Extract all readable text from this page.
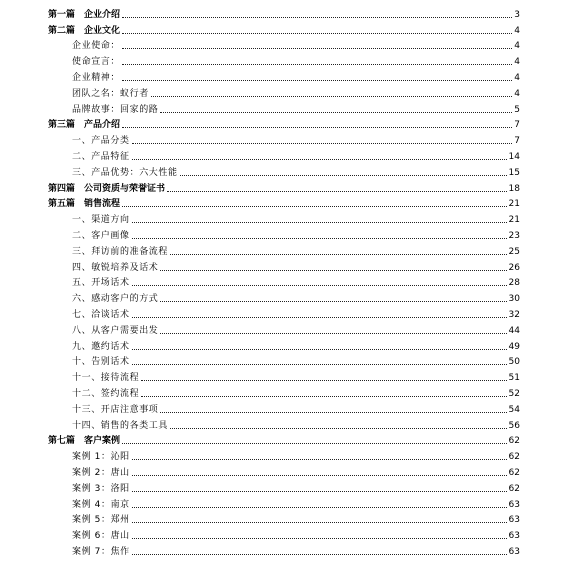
第一篇　企业介绍	3
第二篇　企业文化	4
企业使命：	4
使命宣言：	4
企业精神：	4
团队之名：蚁行者	4
品牌故事：回家的路	5
第三篇　产品介绍	7
一、产品分类	7
二、产品特征	14
三、产品优势：六大性能	15
第四篇　公司资质与荣誉证书	18
第五篇　销售流程	21
一、渠道方向	21
二、客户画像	23
三、拜访前的准备流程	25
四、敏锐培养及话术	26
五、开场话术	28
六、感动客户的方式	30
七、洽谈话术	32
八、从客户需要出发	44
九、邀约话术	49
十、告别话术	50
十一、接待流程	51
十二、签约流程	52
十三、开店注意事项	54
十四、销售的各类工具	56
第七篇　客户案例	62
案例 1：沁阳	62
案例 2：唐山	62
案例 3：洛阳	62
案例 4：南京	63
案例 5：郑州	63
案例 6：唐山	63
案例 7：焦作	63
